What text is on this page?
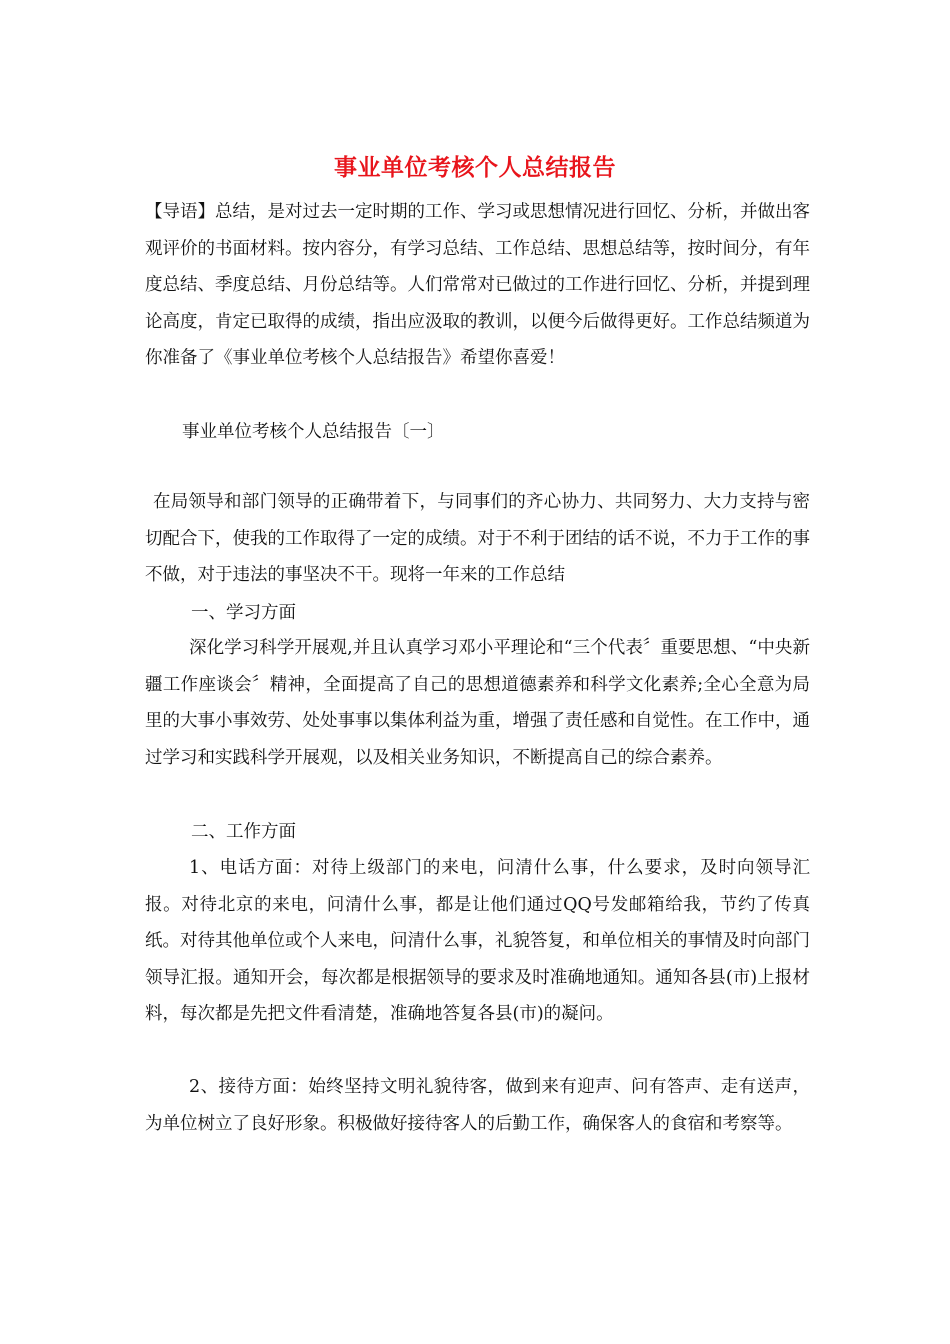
事业单位考核个人总结报告
【导语】总结，是对过去一定时期的工作、学习或思想情况进行回忆、分析，并做出客观评价的书面材料。按内容分，有学习总结、工作总结、思想总结等，按时间分，有年度总结、季度总结、月份总结等。人们常常对已做过的工作进行回忆、分析，并提到理论高度，肯定已取得的成绩，指出应汲取的教训，以便今后做得更好。工作总结频道为你准备了《事业单位考核个人总结报告》希望你喜爱！
事业单位考核个人总结报告〔一〕
在局领导和部门领导的正确带着下，与同事们的齐心协力、共同努力、大力支持与密切配合下，使我的工作取得了一定的成绩。对于不利于团结的话不说，不力于工作的事不做，对于违法的事坚决不干。现将一年来的工作总结
一、学习方面
深化学习科学开展观,并且认真学习邓小平理论和“三个代表〞重要思想、“中央新疆工作座谈会〞精神，全面提高了自己的思想道德素养和科学文化素养;全心全意为局里的大事小事效劳、处处事事以集体利益为重，增强了责任感和自觉性。在工作中，通过学习和实践科学开展观，以及相关业务知识，不断提高自己的综合素养。
二、工作方面
1、电话方面：对待上级部门的来电，问清什么事，什么要求，及时向领导汇报。对待北京的来电，问清什么事，都是让他们通过QQ号发邮箱给我，节约了传真纸。对待其他单位或个人来电，问清什么事，礼貌答复，和单位相关的事情及时向部门领导汇报。通知开会，每次都是根据领导的要求及时准确地通知。通知各县(市)上报材料，每次都是先把文件看清楚，准确地答复各县(市)的凝问。
2、接待方面：始终坚持文明礼貌待客，做到来有迎声、问有答声、走有送声，为单位树立了良好形象。积极做好接待客人的后勤工作，确保客人的食宿和考察等。
